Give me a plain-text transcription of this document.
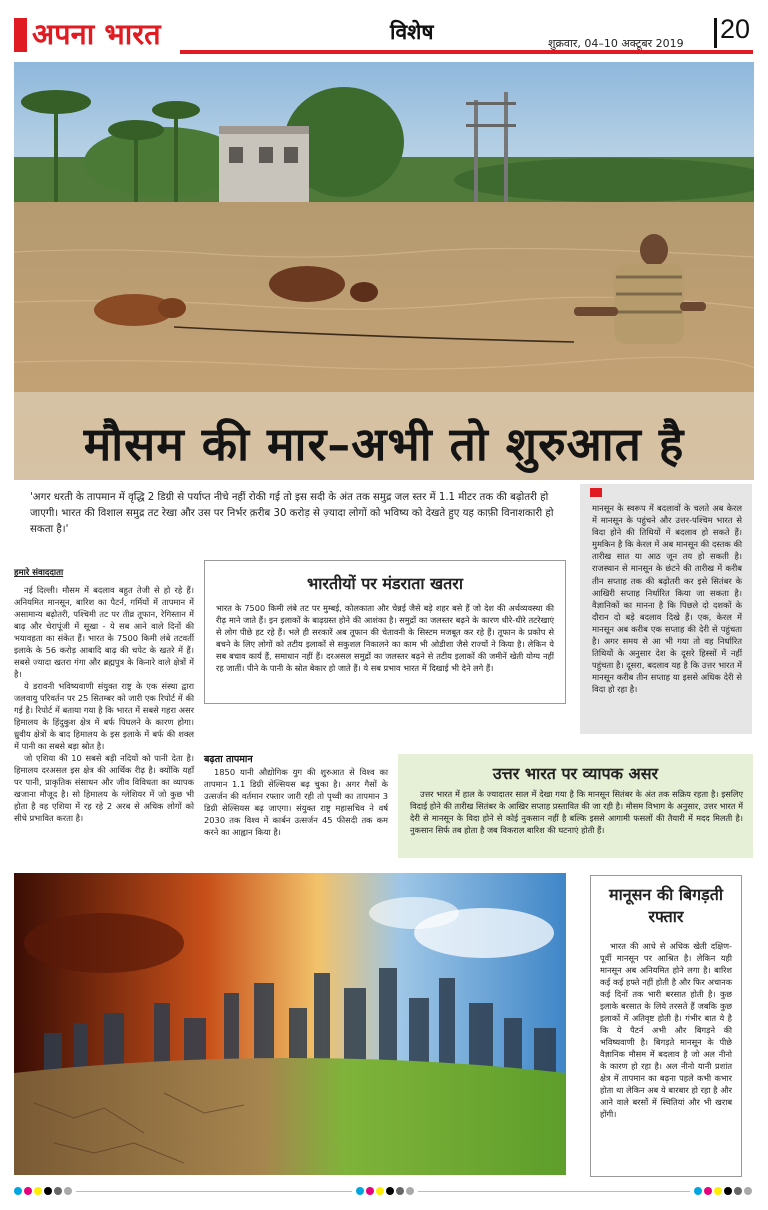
अपना भारत	विशेष	शुक्रवार, 04–10 अक्टूबर 2019 20
मौसम की मार–अभी तो शुरुआत है
'अगर धरती के तापमान में वृद्धि 2 डिग्री से पर्याप्त नीचे नहीं रोकी गई तो इस सदी के अंत तक समुद्र जल स्तर में 1.1 मीटर तक की बढ़ोतरी हो जाएगी। भारत की विशाल समुद्र तट रेखा और उस पर निर्भर क़रीब 30 करोड़ से ज़्यादा लोगों को भविष्य को देखते हुए यह काफ़ी विनाशकारी हो सकता है।'
मानसून के स्वरूप में बदलावों के चलते अब केरल में मानसून के पहुंचने और उत्तर-पश्चिम भारत से विदा होने की तिथियों में बदलाव हो सकते हैं। मुमकिन है कि केरल में अब मानसून की दस्तक की तारीख सात या आठ जून तय हो सकती है। राजस्थान से मानसून के छंटने की तारीख में करीब तीन सप्ताह तक की बढ़ोतरी कर इसे सितंबर के आखिरी सप्ताह निर्धारित किया जा सकता है। वैज्ञानिकों का मानना है कि पिछले दो दशकों के दौरान दो बड़े बदलाव दिखे हैं। एक, केरल में मानसून अब करीब एक सप्ताह की देरी से पहुंचता है। अगर समय से आ भी गया तो वह निर्धारित तिथियों के अनुसार देश के दूसरे हिस्सों में नहीं पहुंचता है। दूसरा, बदलाव यह है कि उत्तर भारत में मानसून करीब तीन सप्ताह या इससे अधिक देरी से विदा हो रहा है।
हमारे संवाददाता

नई दिल्ली। मौसम में बदलाव बहुत तेजी से हो रहे हैं। अनियमित मानसून, बारिश का पैटर्न, गर्मियों में तापमान में असामान्य बढ़ोतरी, पश्चिमी तट पर तीव्र तूफान, रेगिस्तान में बाढ़ और चेरापूंजी में सूखा - ये सब आने वाले दिनों की भयावहता का संकेत हैं। भारत के 7500 किमी लंबे तटवर्ती इलाके के 56 करोड़ आबादि बाढ़ की चपेट के खतरे में हैं। सबसे ज्यादा खतरा गंगा और ब्रह्मपुत्र के किनारे वाले क्षेत्रों में है।

ये डरावनी भविष्यवाणी संयुक्त राष्ट्र के एक संस्था द्वारा जलवायु परिवर्तन पर 25 सितम्बर को जारी एक रिपोर्ट में की गई है। रिपोर्ट में बताया गया है कि भारत में सबसे गहरा असर हिमालय के हिंदुकुश क्षेत्र में बर्फ पिघलने के कारण होगा। ध्रुवीय क्षेत्रों के बाद हिमालय के इस इलाके में बर्फ की शक्ल में पानी का सबसे बड़ा स्रोत है।

जो एशिया की 10 सबसे बड़ी नदियों को पानी देता है। हिमालय दरअसल इस क्षेत्र की आर्थिक रीढ़ है। क्योंकि यहाँ पर पानी, प्राकृतिक संसाधन और जीव विविधता का व्यापक खजाना मौजूद है। सो हिमालय के ग्लेशियर में जो कुछ भी होता है वह एशिया में रह रहे 2 अरब से अधिक लोगों को सीधे प्रभावित करता है।

भारतीयों पर मंडराता खतरा
भारत के 7500 किमी लंबे तट पर मुम्बई, कोलकाता और चेन्नई जैसे बड़े शहर बसे हैं जो देश की अर्थव्यवस्था की रीढ़ माने जाते हैं। इन इलाकों के बाढ़ग्रस्त होने की आशंका है। समुद्रों का जलस्तर बढ़ने के कारण धीरे-धीरे तटरेखाएं से लोग पीछे हट रहे हैं। भले ही सरकारें अब तूफान की चेतावनी के सिस्टम मजबूत कर रहे हैं। तूफान के प्रकोप से बचने के लिए लोगों को तटीय इलाकों से सकुशल निकालने का काम भी ओडीशा जैसे राज्यों ने किया है। लेकिन ये सब बचाव कार्य हैं, समाधान नहीं हैं। दरअसल समुद्रों का जलस्तर बढ़ने से तटीय इलाकों की जमीनें खेती योग्य नहीं रह जातीं। पीने के पानी के स्रोत बेकार हो जाते हैं। ये सब प्रभाव भारत में दिखाई भी देने लगे हैं।
बढ़ता तापमान
1850 यानी औद्योगिक युग की शुरुआत से विश्व का तापमान 1.1 डिग्री सेल्सियस बढ़ चुका है। अगर गैसों के उत्सर्जन की वर्तमान रफ्तार जारी रही तो पृथ्वी का तापमान 3 डिग्री सेल्सियस बढ़ जाएगा। संयुक्त राष्ट्र महासचिव ने वर्ष 2030 तक विश्व में कार्बन उत्सर्जन 45 फीसदी तक कम करने का आह्वान किया है।
उत्तर भारत पर व्यापक असर
उत्तर भारत में हाल के ज्यादातर साल में देखा गया है कि मानसून सितंबर के अंत तक सक्रिय रहता है। इसलिए विदाई होने की तारीख सितंबर के आखिर सप्ताह प्रस्तावित की जा रही है। मौसम विभाग के अनुसार, उत्तर भारत में देरी से मानसून के विदा होने से कोई नुकसान नहीं है बल्कि इससे आगामी फसलों की तैयारी में मदद मिलती है। नुकसान सिर्फ तब होता है जब विकराल बारिश की घटनाएं होती हैं।
मानूसन की बिगड़ती रफ्तार
भारत की आधे से अधिक खेती दक्षिण-पूर्वी मानसून पर आश्रित है। लेकिन यही मानसून अब अनियमित होने लगा है। बारिश कई कई हफ्ते नहीं होती है और फिर अचानक कई दिनों तक भारी बरसात होती है। कुछ इलाके बरसात के लिये तरसते हैं जबकि कुछ इलाकों में अतिवृष्ट होती है। गंभीर बात ये है कि ये पैटर्न अभी और बिगड़ने की भविष्यवाणी है। बिगड़ते मानसून के पीछे वैज्ञानिक मौसम में बदलाव है जो अल नीनो के कारण हो रहा है। अल नीनो यानी प्रशांत क्षेत्र में तापमान का बढ़ना पहले कभी कभार होता था लेकिन अब ये बारबार हो रहा है और आने वाले बरसों में स्थितियां और भी खराब होंगी।
